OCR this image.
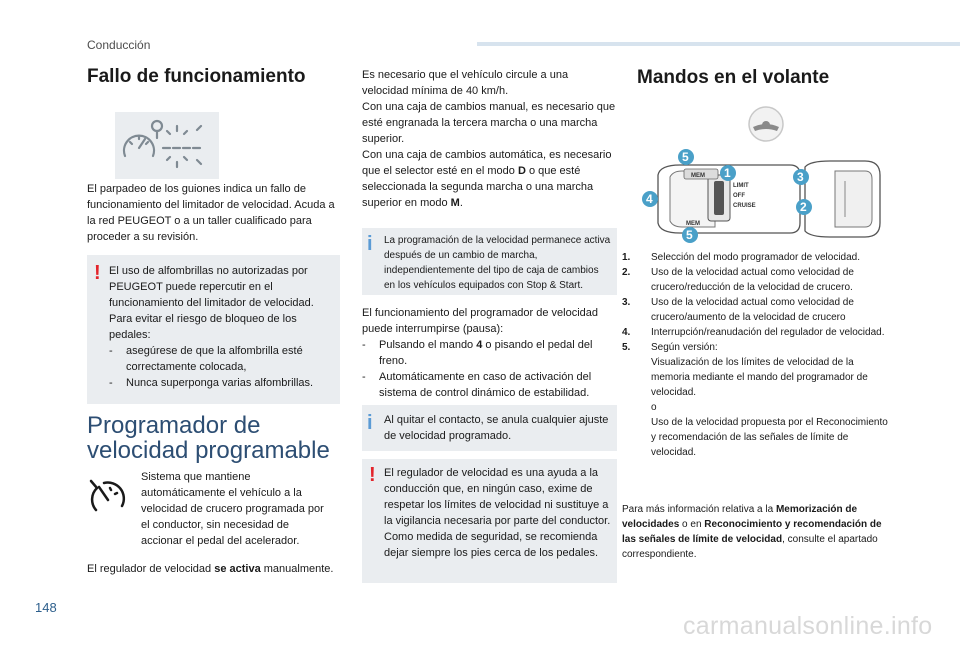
Conducción
Fallo de funcionamiento
El parpadeo de los guiones indica un fallo de funcionamiento del limitador de velocidad. Acuda a la red PEUGEOT o a un taller cualificado para proceder a su revisión.
! El uso de alfombrillas no autorizadas por PEUGEOT puede repercutir en el funcionamiento del limitador de velocidad. Para evitar el riesgo de bloqueo de los pedales:

- asegúrese de que la alfombrilla esté correctamente colocada,
- Nunca superponga varias alfombrillas.
Programador de
velocidad programable
Sistema que mantiene automáticamente el vehículo a la velocidad de crucero programada por el conductor, sin necesidad de accionar el pedal del acelerador.
El regulador de velocidad se activa manualmente.

Es necesario que el vehículo circule a una velocidad mínima de 40 km/h.

Con una caja de cambios manual, es necesario que esté engranada la tercera marcha o una marcha superior.

Con una caja de cambios automática, es necesario que el selector esté en el modo D o que esté seleccionada la segunda marcha o una marcha superior en modo M.

i La programación de la velocidad permanece activa después de un cambio de marcha, independientemente del tipo de caja de cambios en los vehículos equipados con Stop & Start.

El funcionamiento del programador de velocidad puede interrumpirse (pausa):

- Pulsando el mando 4 o pisando el pedal del freno.
- Automáticamente en caso de activación del sistema de control dinámico de estabilidad.
i Al quitar el contacto, se anula cualquier ajuste de velocidad programado.
! El regulador de velocidad es una ayuda a la conducción que, en ningún caso, exime de respetar los límites de velocidad ni sustituye a la vigilancia necesaria por parte del conductor.

Como medida de seguridad, se recomienda dejar siempre los pies cerca de los pedales.

Mandos en el volante
MEM
MEM
LIMIT
OFF
CRUISE
1
2
3
4
5
5
1. Selección del modo programador de velocidad.
2. Uso de la velocidad actual como velocidad de crucero/reducción de la velocidad de crucero.
3. Uso de la velocidad actual como velocidad de crucero/aumento de la velocidad de crucero
4. Interrupción/reanudación del regulador de velocidad.
5. Según versión:
Visualización de los límites de velocidad de la memoria mediante el mando del programador de velocidad.
o
Uso de la velocidad propuesta por el Reconocimiento y recomendación de las señales de límite de velocidad.
Para más información relativa a la Memorización de velocidades o en Reconocimiento y recomendación de las señales de límite de velocidad, consulte el apartado correspondiente.
148
carmanualsonline.info
